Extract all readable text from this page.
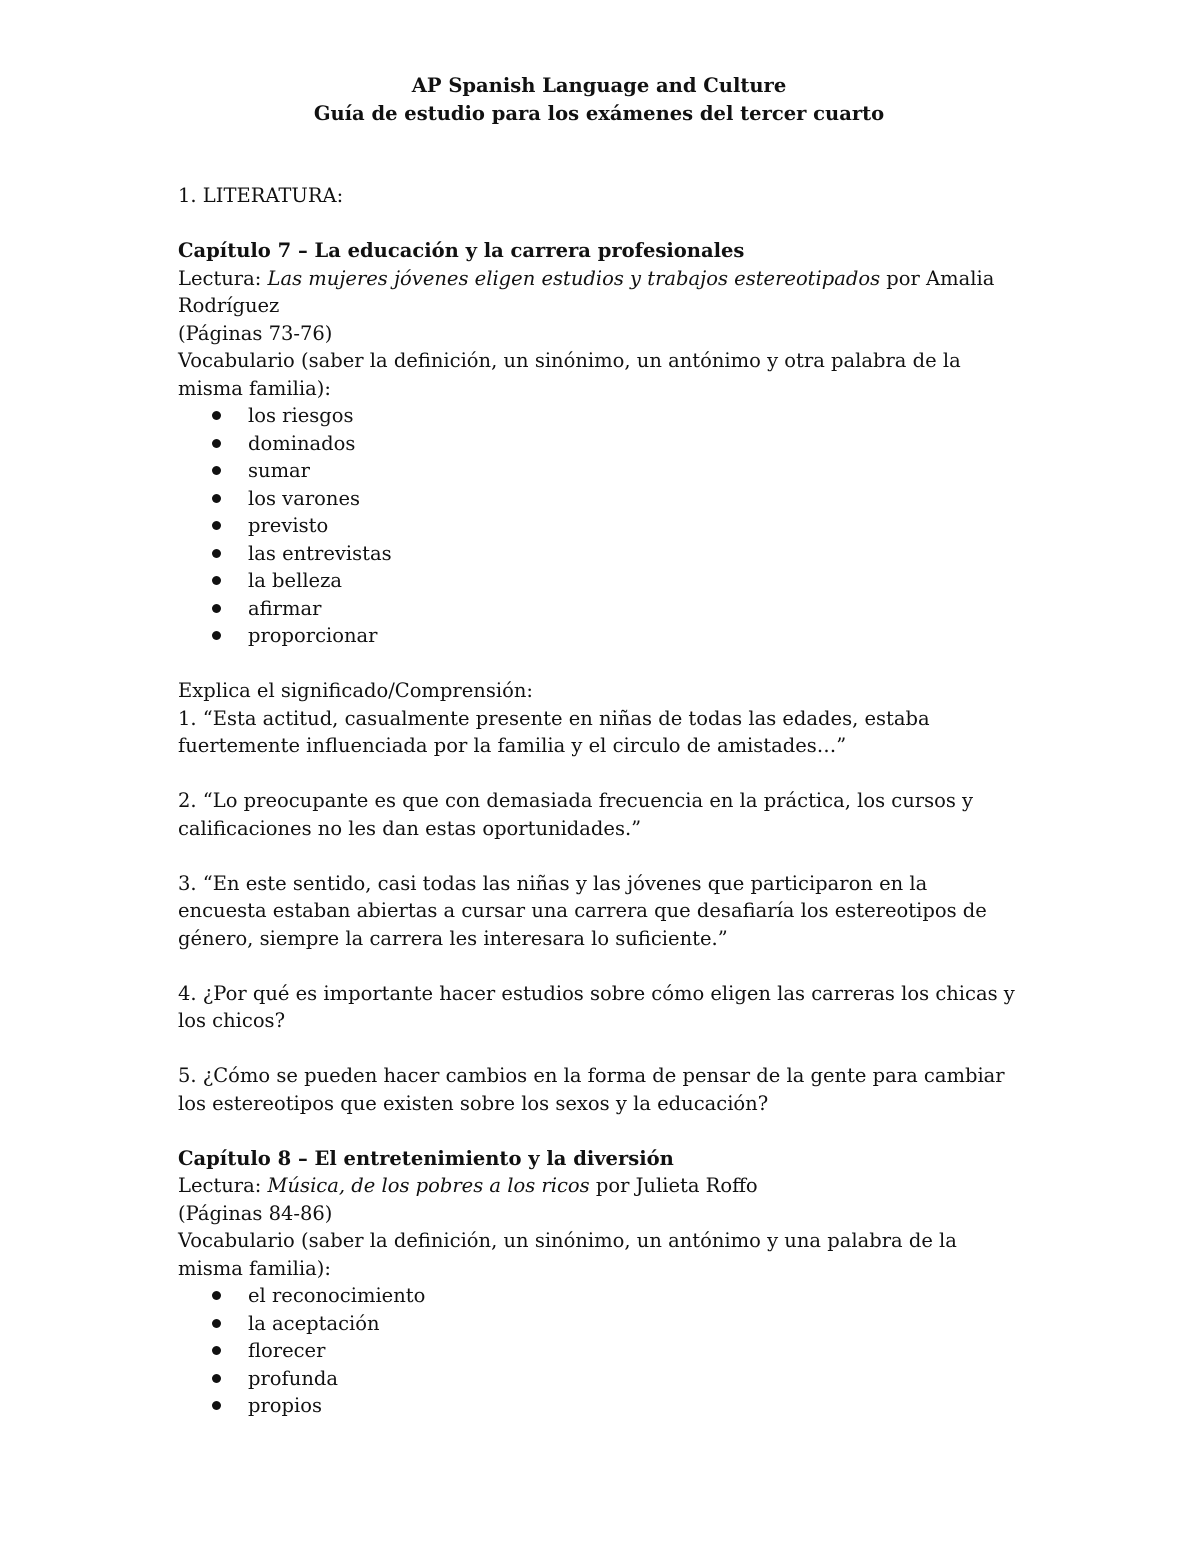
AP Spanish Language and Culture

Guía de estudio para los exámenes del tercer cuarto

1. LITERATURA:

Capítulo 7 – La educación y la carrera profesionales

Lectura: Las mujeres jóvenes eligen estudios y trabajos estereotipados por Amalia Rodríguez

(Páginas 73-76)

Vocabulario (saber la definición, un sinónimo, un antónimo y otra palabra de la misma familia):

los riesgos
dominados
sumar
los varones
previsto
las entrevistas
la belleza
afirmar
proporcionar

Explica el significado/Comprensión:

1. “Esta actitud, casualmente presente en niñas de todas las edades, estaba fuertemente influenciada por la familia y el circulo de amistades…”

2. “Lo preocupante es que con demasiada frecuencia en la práctica, los cursos y calificaciones no les dan estas oportunidades.”

3. “En este sentido, casi todas las niñas y las jóvenes que participaron en la encuesta estaban abiertas a cursar una carrera que desafiaría los estereotipos de género, siempre la carrera les interesara lo suficiente.”

4. ¿Por qué es importante hacer estudios sobre cómo eligen las carreras los chicas y los chicos?

5. ¿Cómo se pueden hacer cambios en la forma de pensar de la gente para cambiar los estereotipos que existen sobre los sexos y la educación?

Capítulo 8 – El entretenimiento y la diversión

Lectura: Música, de los pobres a los ricos por Julieta Roffo

(Páginas 84-86)

Vocabulario (saber la definición, un sinónimo, un antónimo y una palabra de la misma familia):

el reconocimiento
la aceptación
florecer
profunda
propios
